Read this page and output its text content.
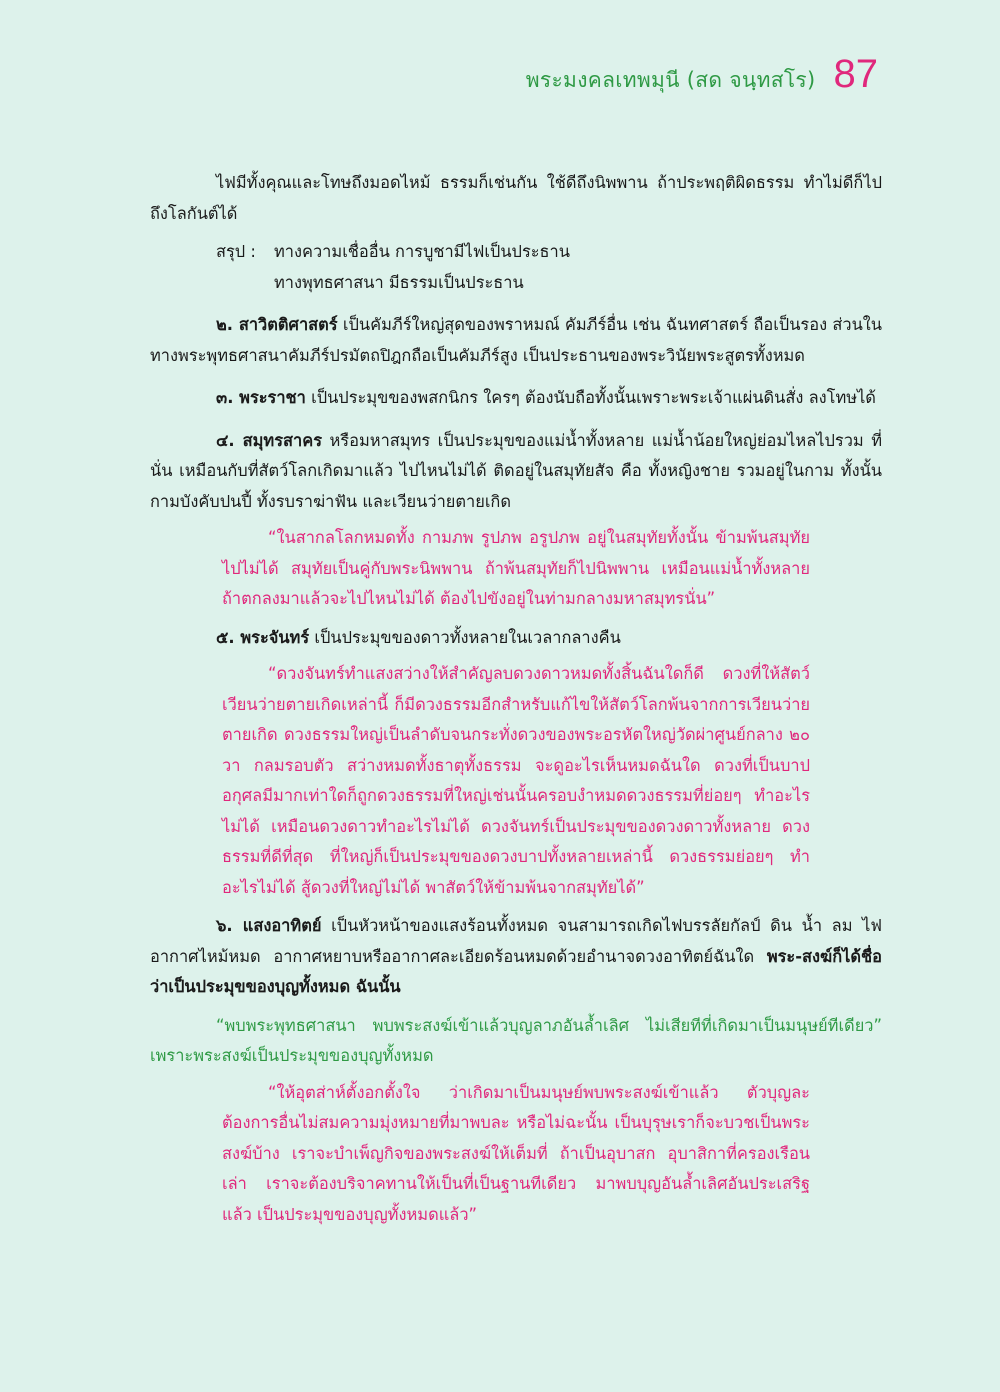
พระมงคลเทพมุนี (สด จนฺทสโร) 87

ไฟมีทั้งคุณและโทษถึงมอดไหม้ ธรรมก็เช่นกัน ใช้ดีถึงนิพพาน ถ้าประพฤติผิดธรรม ทำไม่ดีก็ไปถึงโลกันต์ได้

สรุป :	ทางความเชื่ออื่น การบูชามีไฟเป็นประธาน
ทางพุทธศาสนา มีธรรมเป็นประธาน

๒. สาวิตติศาสตร์ เป็นคัมภีร์ใหญ่สุดของพราหมณ์ คัมภีร์อื่น เช่น ฉันทศาสตร์ ถือเป็นรอง ส่วนในทางพระพุทธศาสนาคัมภีร์ปรมัตถปิฎกถือเป็นคัมภีร์สูง เป็นประธานของพระวินัยพระสูตรทั้งหมด

๓. พระราชา เป็นประมุขของพสกนิกร ใครๆ ต้องนับถือทั้งนั้นเพราะพระเจ้าแผ่นดินสั่ง ลงโทษได้

๔. สมุทรสาคร หรือมหาสมุทร เป็นประมุขของแม่น้ำทั้งหลาย แม่น้ำน้อยใหญ่ย่อมไหลไปรวม ที่นั่น เหมือนกับที่สัตว์โลกเกิดมาแล้ว ไปไหนไม่ได้ ติดอยู่ในสมุทัยสัจ คือ ทั้งหญิงชาย รวมอยู่ในกาม ทั้งนั้น กามบังคับปนปี้ ทั้งรบราฆ่าฟัน และเวียนว่ายตายเกิด

“ในสากลโลกหมดทั้ง กามภพ รูปภพ อรูปภพ อยู่ในสมุทัยทั้งนั้น ข้ามพ้นสมุทัยไปไม่ได้ สมุทัยเป็นคู่กับพระนิพพาน ถ้าพ้นสมุทัยก็ไปนิพพาน เหมือนแม่น้ำทั้งหลาย ถ้าตกลงมาแล้วจะไปไหนไม่ได้ ต้องไปขังอยู่ในท่ามกลางมหาสมุทรนั่น”

๕. พระจันทร์ เป็นประมุขของดาวทั้งหลายในเวลากลางคืน

“ดวงจันทร์ทำแสงสว่างให้สำคัญลบดวงดาวหมดทั้งสิ้นฉันใดก็ดี ดวงที่ให้สัตว์เวียนว่ายตายเกิดเหล่านี้ ก็มีดวงธรรมอีกสำหรับแก้ไขให้สัตว์โลกพ้นจากการเวียนว่ายตายเกิด ดวงธรรมใหญ่เป็นลำดับจนกระทั่งดวงของพระอรหัตใหญ่วัดผ่าศูนย์กลาง ๒๐ วา กลมรอบตัว สว่างหมดทั้งธาตุทั้งธรรม จะดูอะไรเห็นหมดฉันใด ดวงที่เป็นบาปอกุศลมีมากเท่าใดก็ถูกดวงธรรมที่ใหญ่เช่นนั้นครอบงำหมดดวงธรรมที่ย่อยๆ ทำอะไรไม่ได้ เหมือนดวงดาวทำอะไรไม่ได้ ดวงจันทร์เป็นประมุขของดวงดาวทั้งหลาย ดวงธรรมที่ดีที่สุด ที่ใหญ่ก็เป็นประมุขของดวงบาปทั้งหลายเหล่านี้ ดวงธรรมย่อยๆ ทำอะไรไม่ได้ สู้ดวงที่ใหญ่ไม่ได้ พาสัตว์ให้ข้ามพ้นจากสมุทัยได้”

๖. แสงอาทิตย์ เป็นหัวหน้าของแสงร้อนทั้งหมด จนสามารถเกิดไฟบรรลัยกัลป์ ดิน น้ำ ลม ไฟ อากาศไหม้หมด อากาศหยาบหรืออากาศละเอียดร้อนหมดด้วยอำนาจดวงอาทิตย์ฉันใด พระ-สงฆ์ก็ได้ชื่อว่าเป็นประมุขของบุญทั้งหมด ฉันนั้น

“พบพระพุทธศาสนา พบพระสงฆ์เข้าแล้วบุญลาภอันล้ำเลิศ ไม่เสียทีที่เกิดมาเป็นมนุษย์ทีเดียว” เพราะพระสงฆ์เป็นประมุขของบุญทั้งหมด

“ให้อุตส่าห์ตั้งอกตั้งใจ ว่าเกิดมาเป็นมนุษย์พบพระสงฆ์เข้าแล้ว ตัวบุญละต้องการอื่นไม่สมความมุ่งหมายที่มาพบละ หรือไม่ฉะนั้น เป็นบุรุษเราก็จะบวชเป็นพระสงฆ์บ้าง เราจะบำเพ็ญกิจของพระสงฆ์ให้เต็มที่ ถ้าเป็นอุบาสก อุบาสิกาที่ครองเรือนเล่า เราจะต้องบริจาคทานให้เป็นที่เป็นฐานทีเดียว มาพบบุญอันล้ำเลิศอันประเสริฐแล้ว เป็นประมุขของบุญทั้งหมดแล้ว”
